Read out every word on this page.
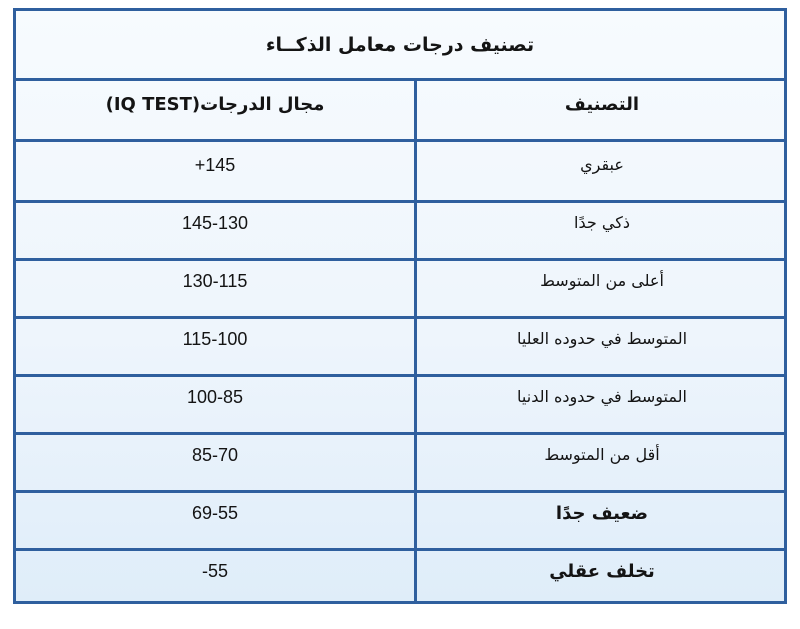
تصنيف درجات معامل الذكــاء
مجال الدرجات(IQ TEST)	التصنيف
+145	عبقري
145-130	ذكي جدًا
130-115	أعلى من المتوسط
115-100	المتوسط في حدوده العليا
100-85	المتوسط في حدوده الدنيا
85-70	أقل من المتوسط
69-55	ضعيف جدًا
-55	تخلف عقلي
